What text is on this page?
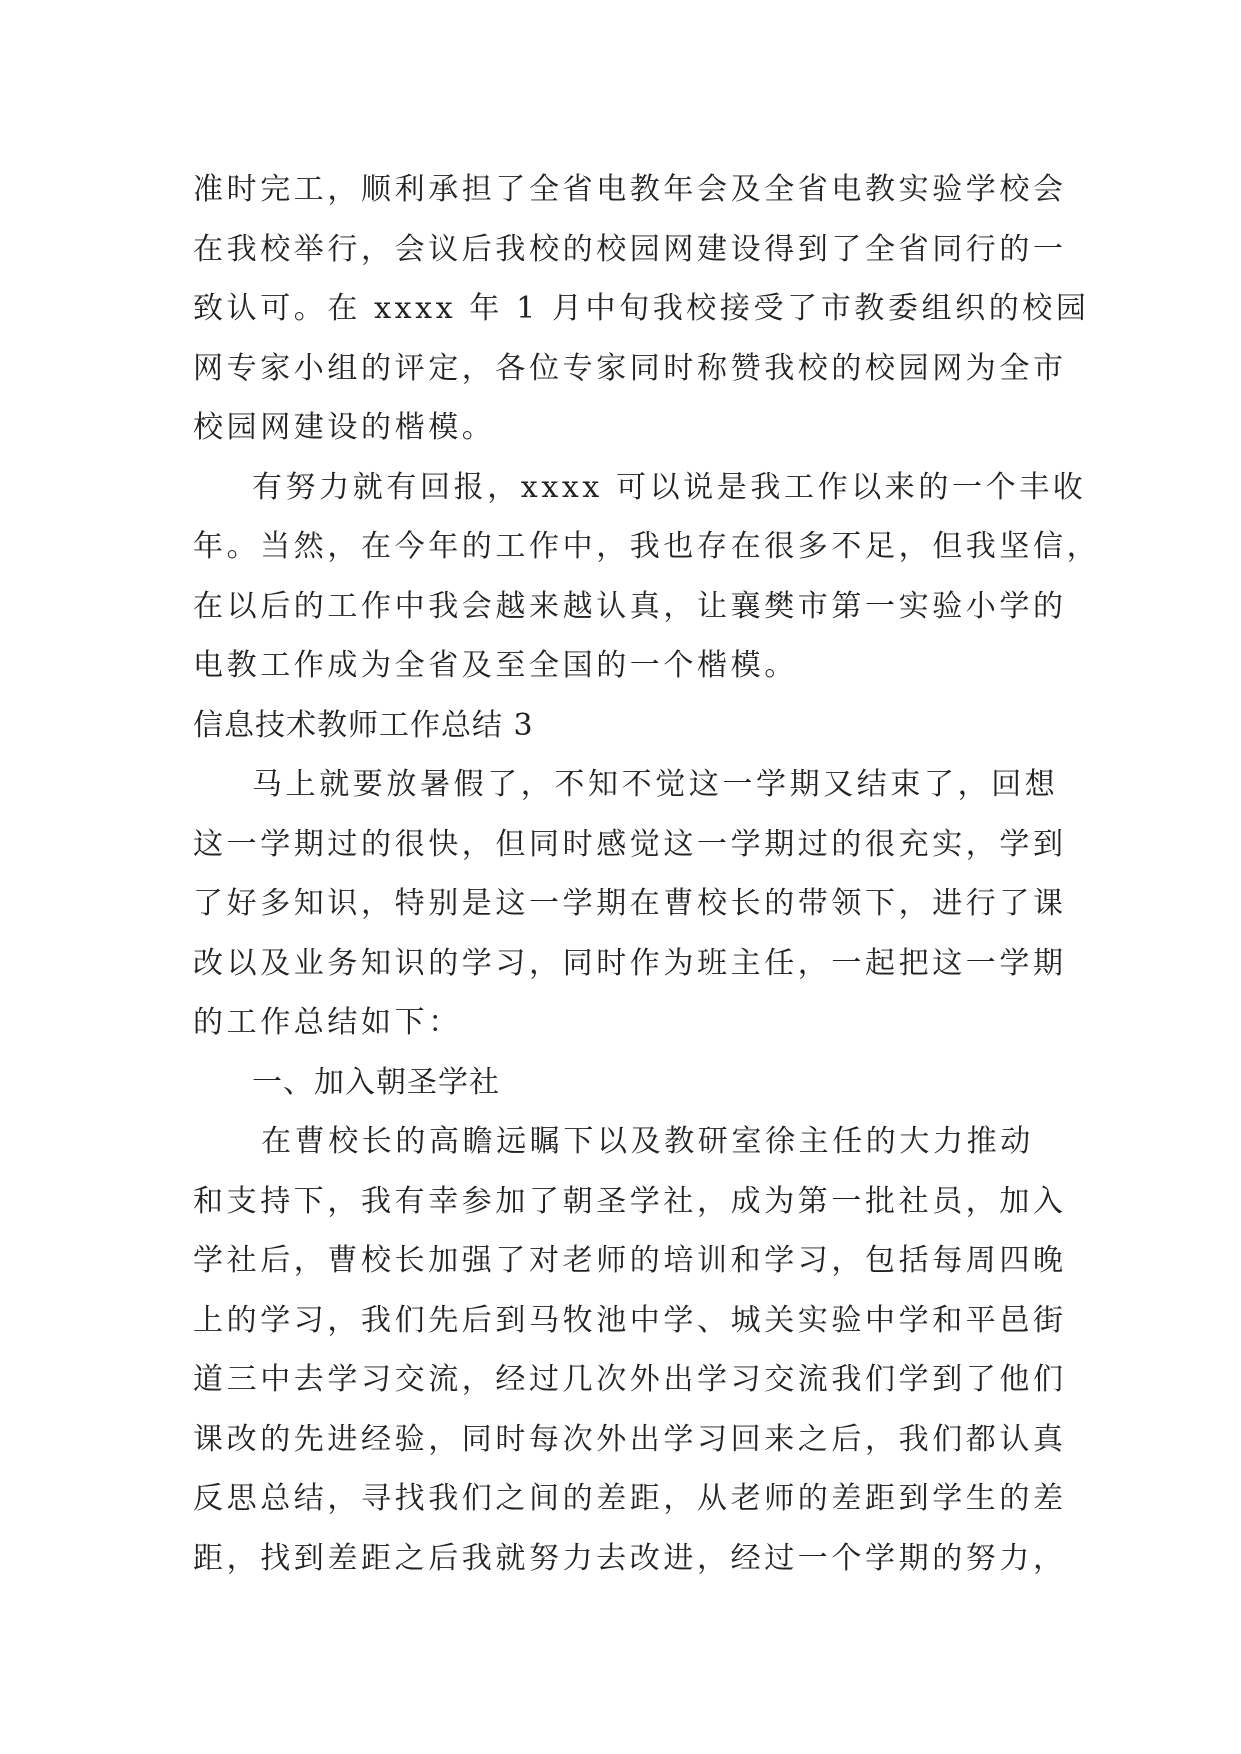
准时完工，顺利承担了全省电教年会及全省电教实验学校会

在我校举行，会议后我校的校园网建设得到了全省同行的一

致认可。在 xxxx 年 1 月中旬我校接受了市教委组织的校园

网专家小组的评定，各位专家同时称赞我校的校园网为全市

校园网建设的楷模。

有努力就有回报，xxxx 可以说是我工作以来的一个丰收

年。当然，在今年的工作中，我也存在很多不足，但我坚信，

在以后的工作中我会越来越认真，让襄樊市第一实验小学的

电教工作成为全省及至全国的一个楷模。

信息技术教师工作总结 3

马上就要放暑假了，不知不觉这一学期又结束了，回想

这一学期过的很快，但同时感觉这一学期过的很充实，学到

了好多知识，特别是这一学期在曹校长的带领下，进行了课

改以及业务知识的学习，同时作为班主任，一起把这一学期

的工作总结如下：

一、加入朝圣学社

在曹校长的高瞻远瞩下以及教研室徐主任的大力推动

和支持下，我有幸参加了朝圣学社，成为第一批社员，加入

学社后，曹校长加强了对老师的培训和学习，包括每周四晚

上的学习，我们先后到马牧池中学、城关实验中学和平邑街

道三中去学习交流，经过几次外出学习交流我们学到了他们

课改的先进经验，同时每次外出学习回来之后，我们都认真

反思总结，寻找我们之间的差距，从老师的差距到学生的差

距，找到差距之后我就努力去改进，经过一个学期的努力，
